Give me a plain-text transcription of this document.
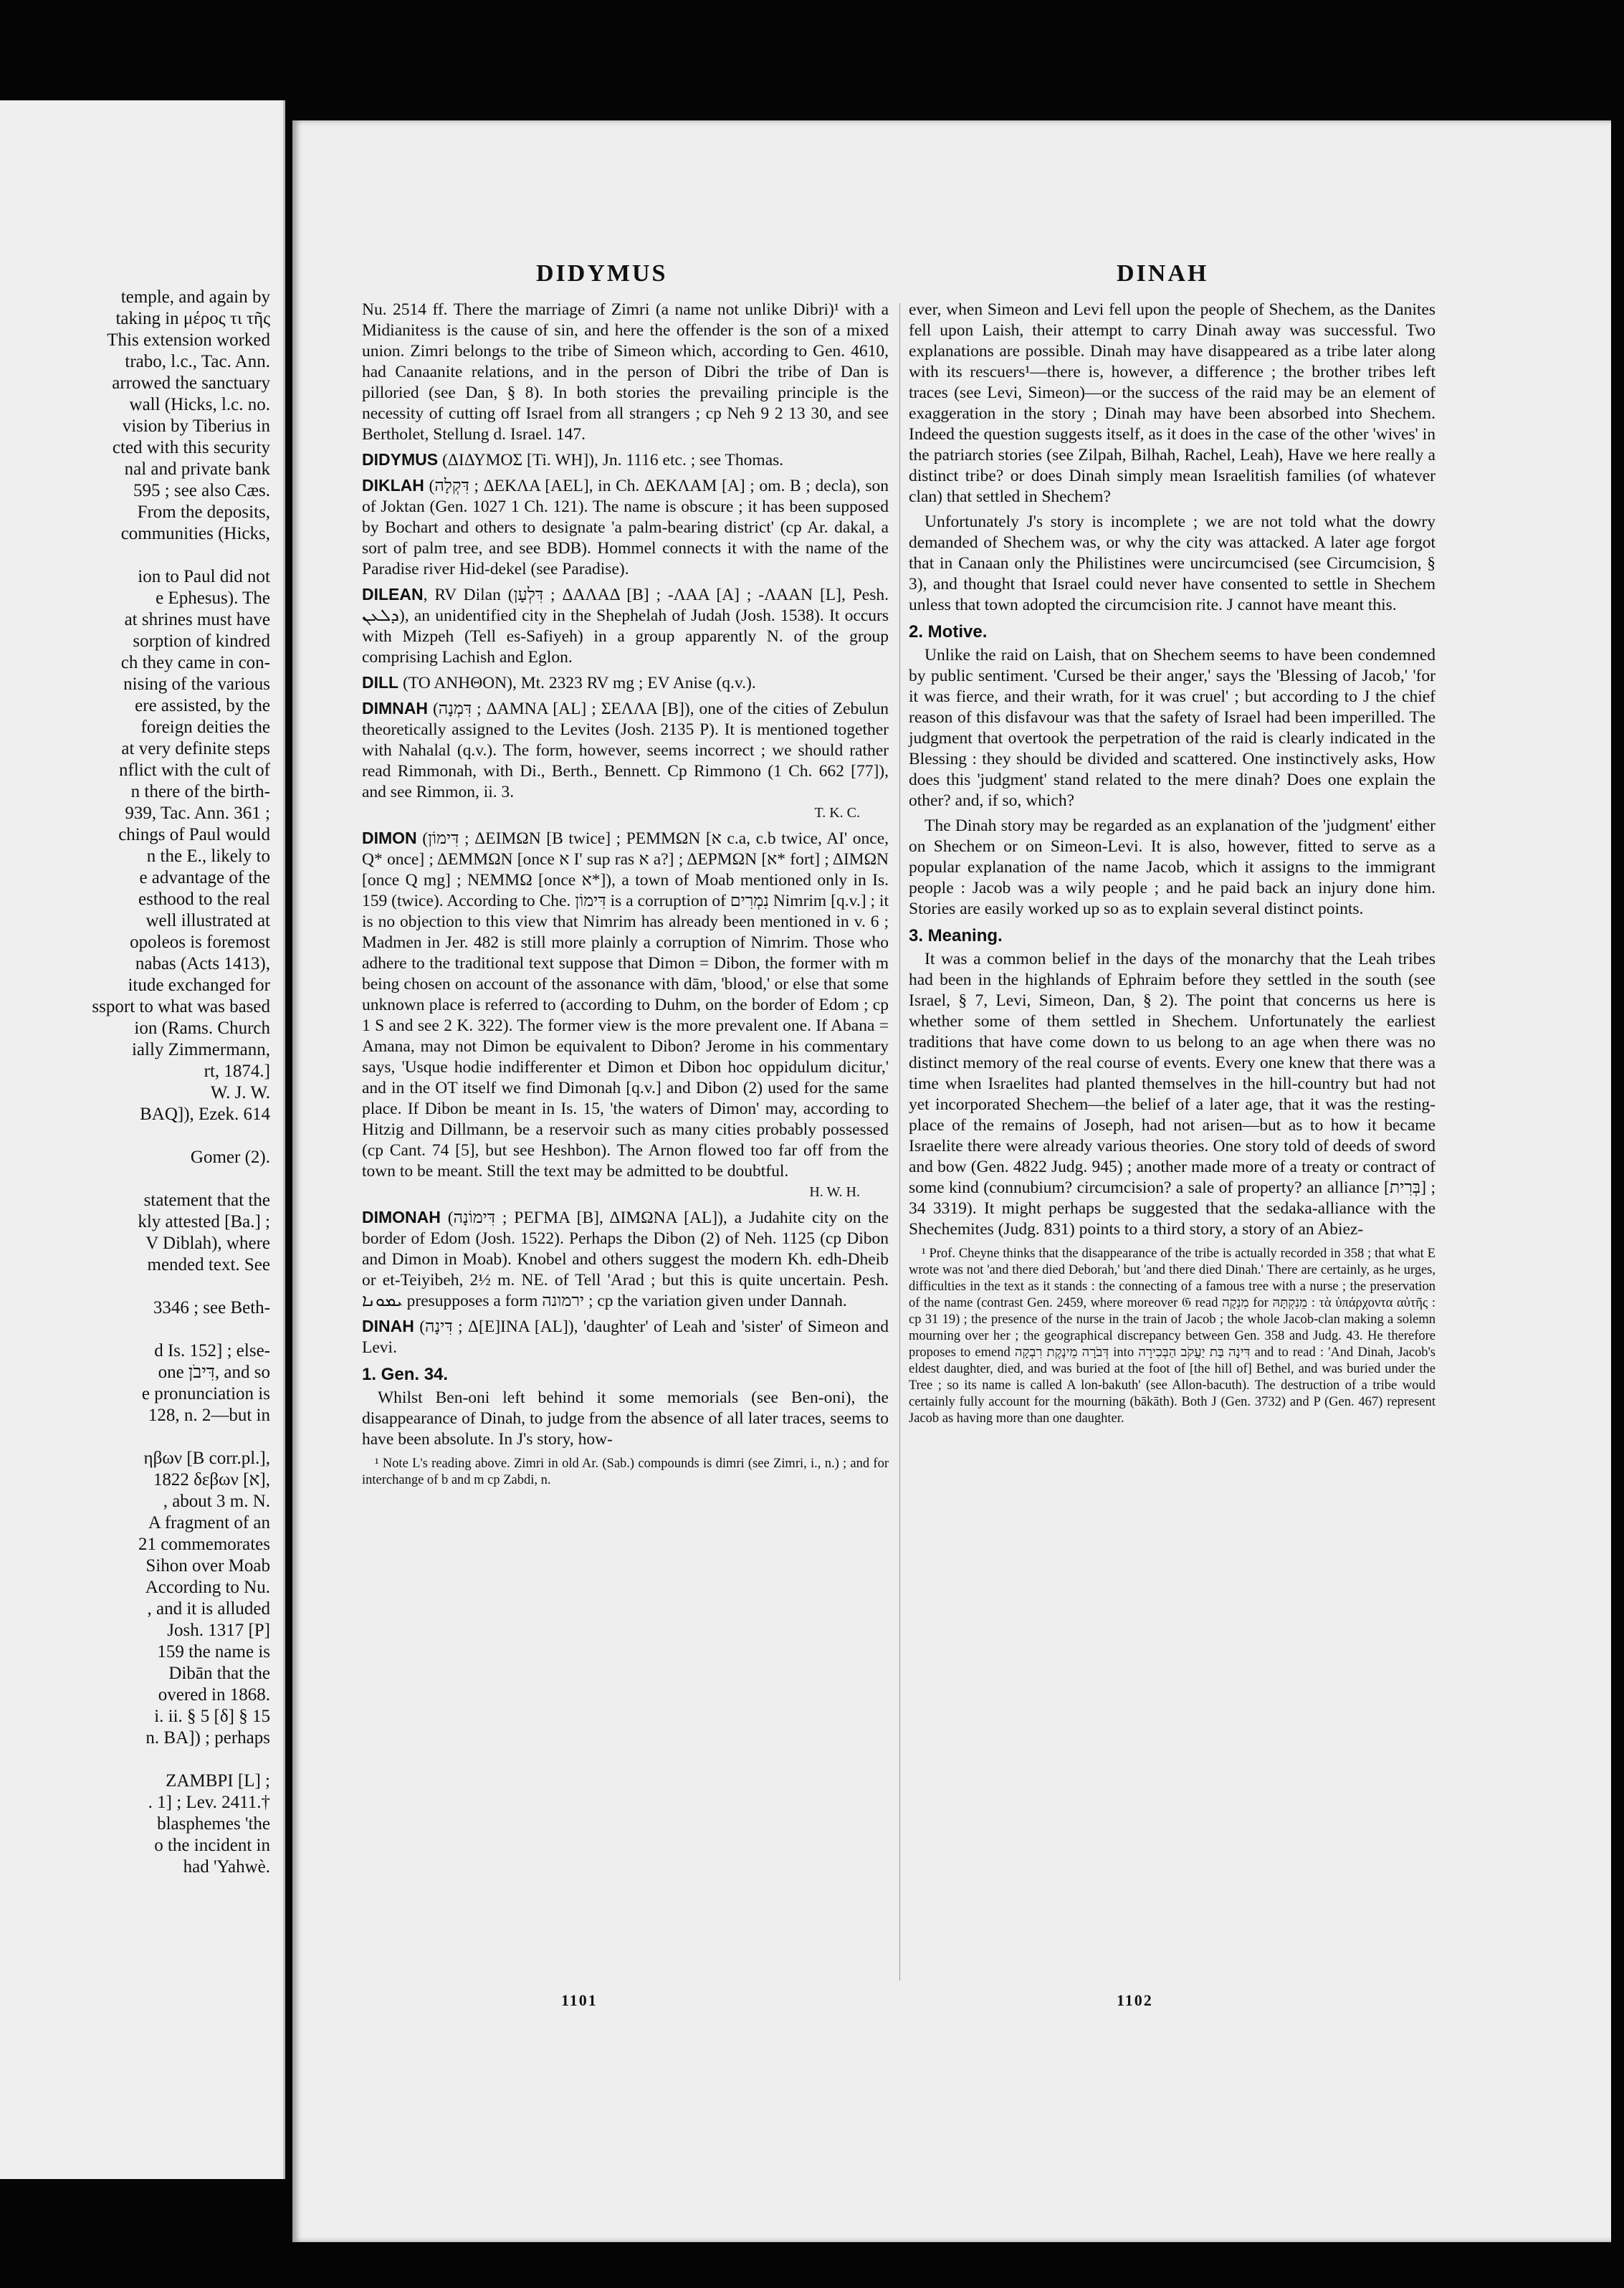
temple, and again by
taking in μέρος τι τῆς
This extension worked
trabo, l.c., Tac. Ann.
arrowed the sanctuary
wall (Hicks, l.c. no.
vision by Tiberius in
cted with this security
nal and private bank
595 ; see also Cæs.
From the deposits,
communities (Hicks,
ion to Paul did not
e Ephesus). The
at shrines must have
sorption of kindred
ch they came in con-
nising of the various
ere assisted, by the
foreign deities the
at very definite steps
nflict with the cult of
n there of the birth-
939, Tac. Ann. 361 ;
chings of Paul would
n the E., likely to
e advantage of the
esthood to the real
well illustrated at
opoleos is foremost
nabas (Acts 1413),
itude exchanged for
ssport to what was based
ion (Rams. Church
ially Zimmermann,
rt, 1874.]
W. J. W.
BAQ]), Ezek. 614
Gomer (2).
statement that the
kly attested [Ba.] ;
V Diblah), where
mended text. See
3346 ; see Beth-
d Is. 152] ; else-
one דִּיבֹן, and so
e pronunciation is
128, n. 2—but in
ηβων [B corr.pl.],
1822 δεβων [א],
, about 3 m. N.
A fragment of an
21 commemorates
Sihon over Moab
According to Nu.
, and it is alluded
Josh. 1317 [P]
159 the name is
Dibān that the
overed in 1868.
i. ii. § 5 [δ] § 15
n. BA]) ; perhaps
ΖΑΜΒΡΙ [L] ;
. 1] ; Lev. 2411.†
blasphemes 'the
o the incident in
had 'Yahwè.
DIDYMUS	DINAH

Nu. 2514 ff. There the marriage of Zimri (a name not unlike Dibri)¹ with a Midianitess is the cause of sin, and here the offender is the son of a mixed union. Zimri belongs to the tribe of Simeon which, according to Gen. 4610, had Canaanite relations, and in the person of Dibri the tribe of Dan is pilloried (see Dan, § 8). In both stories the prevailing principle is the necessity of cutting off Israel from all strangers ; cp Neh 9 2 13 30, and see Bertholet, Stellung d. Israel. 147.

DIDYMUS (ΔΙΔΥΜΟΣ [Ti. WH]), Jn. 1116 etc. ; see Thomas.

DIKLAH (דִּקְלָה ; ΔΕΚΛΑ [AEL], in Ch. ΔΕΚΛΑΜ [A] ; om. B ; decla), son of Joktan (Gen. 1027 1 Ch. 121). The name is obscure ; it has been supposed by Bochart and others to designate 'a palm-bearing district' (cp Ar. dakal, a sort of palm tree, and see BDB). Hommel connects it with the name of the Paradise river Hid-dekel (see Paradise).

DILEAN, RV Dilan (דִּלְעָן ; ΔΑΛΑΔ [B] ; -ΛΑΑ [A] ; -ΛΑΑΝ [L], Pesh. ܕܠܥܢ), an unidentified city in the Shephelah of Judah (Josh. 1538). It occurs with Mizpeh (Tell es-Safiyeh) in a group apparently N. of the group comprising Lachish and Eglon.

DILL (ΤΟ ΑΝΗΘΟΝ), Mt. 2323 RV mg ; EV Anise (q.v.).

DIMNAH (דִּמְנָה ; ΔΑΜΝΑ [AL] ; ΣΕΛΛΑ [B]), one of the cities of Zebulun theoretically assigned to the Levites (Josh. 2135 P). It is mentioned together with Nahalal (q.v.). The form, however, seems incorrect ; we should rather read Rimmonah, with Di., Berth., Bennett. Cp Rimmono (1 Ch. 662 [77]), and see Rimmon, ii. 3.
T. K. C.

DIMON (דִּימוֹן ; ΔΕΙΜΩΝ [B twice] ; ΡΕΜΜΩΝ [א c.a, c.b twice, AI' once, Q* once] ; ΔΕΜΜΩΝ [once א I' sup ras א a?] ; ΔΕΡΜΩΝ [א* fort] ; ΔΙΜΩΝ [once Q mg] ; ΝΕΜΜΩ [once א*]), a town of Moab mentioned only in Is. 159 (twice). According to Che. דִּימוֹן is a corruption of נִמְרִים Nimrim [q.v.] ; it is no objection to this view that Nimrim has already been mentioned in v. 6 ; Madmen in Jer. 482 is still more plainly a corruption of Nimrim. Those who adhere to the traditional text suppose that Dimon = Dibon, the former with m being chosen on account of the assonance with dām, 'blood,' or else that some unknown place is referred to (according to Duhm, on the border of Edom ; cp 1 S and see 2 K. 322). The former view is the more prevalent one. If Abana = Amana, may not Dimon be equivalent to Dibon? Jerome in his commentary says, 'Usque hodie indifferenter et Dimon et Dibon hoc oppidulum dicitur,' and in the OT itself we find Dimonah [q.v.] and Dibon (2) used for the same place. If Dibon be meant in Is. 15, 'the waters of Dimon' may, according to Hitzig and Dillmann, be a reservoir such as many cities probably possessed (cp Cant. 74 [5], but see Heshbon). The Arnon flowed too far off from the town to be meant. Still the text may be admitted to be doubtful.
H. W. H.

DIMONAH (דִּימוֹנָה ; ΡΕΓΜΑ [B], ΔΙΜΩΝΑ [AL]), a Judahite city on the border of Edom (Josh. 1522). Perhaps the Dibon (2) of Neh. 1125 (cp Dibon and Dimon in Moab). Knobel and others suggest the modern Kh. edh-Dheib or et-Teiyibeh, 2½ m. NE. of Tell 'Arad ; but this is quite uncertain. Pesh. ܝܡܘܢܐ presupposes a form ירמונה ; cp the variation given under Dannah.

DINAH (דִּינָה ; Δ[Ε]ΙΝΑ [AL]), 'daughter' of Leah and 'sister' of Simeon and Levi.

1. Gen. 34.

Whilst Ben-oni left behind it some memorials (see Ben-oni), the disappearance of Dinah, to judge from the absence of all later traces, seems to have been absolute. In J's story, how-

¹ Note L's reading above. Zimri in old Ar. (Sab.) compounds is dimri (see Zimri, i., n.) ; and for interchange of b and m cp Zabdi, n.

ever, when Simeon and Levi fell upon the people of Shechem, as the Danites fell upon Laish, their attempt to carry Dinah away was successful. Two explanations are possible. Dinah may have disappeared as a tribe later along with its rescuers¹—there is, however, a difference ; the brother tribes left traces (see Levi, Simeon)—or the success of the raid may be an element of exaggeration in the story ; Dinah may have been absorbed into Shechem. Indeed the question suggests itself, as it does in the case of the other 'wives' in the patriarch stories (see Zilpah, Bilhah, Rachel, Leah), Have we here really a distinct tribe? or does Dinah simply mean Israelitish families (of whatever clan) that settled in Shechem?

Unfortunately J's story is incomplete ; we are not told what the dowry demanded of Shechem was, or why the city was attacked. A later age forgot that in Canaan only the Philistines were uncircumcised (see Circumcision, § 3), and thought that Israel could never have consented to settle in Shechem unless that town adopted the circumcision rite. J cannot have meant this.

2. Motive.

Unlike the raid on Laish, that on Shechem seems to have been condemned by public sentiment. 'Cursed be their anger,' says the 'Blessing of Jacob,' 'for it was fierce, and their wrath, for it was cruel' ; but according to J the chief reason of this disfavour was that the safety of Israel had been imperilled. The judgment that overtook the perpetration of the raid is clearly indicated in the Blessing : they should be divided and scattered. One instinctively asks, How does this 'judgment' stand related to the mere dinah? Does one explain the other? and, if so, which?

The Dinah story may be regarded as an explanation of the 'judgment' either on Shechem or on Simeon-Levi. It is also, however, fitted to serve as a popular explanation of the name Jacob, which it assigns to the immigrant people : Jacob was a wily people ; and he paid back an injury done him. Stories are easily worked up so as to explain several distinct points.

3. Meaning.

It was a common belief in the days of the monarchy that the Leah tribes had been in the highlands of Ephraim before they settled in the south (see Israel, § 7, Levi, Simeon, Dan, § 2). The point that concerns us here is whether some of them settled in Shechem. Unfortunately the earliest traditions that have come down to us belong to an age when there was no distinct memory of the real course of events. Every one knew that there was a time when Israelites had planted themselves in the hill-country but had not yet incorporated Shechem—the belief of a later age, that it was the resting-place of the remains of Joseph, had not arisen—but as to how it became Israelite there were already various theories. One story told of deeds of sword and bow (Gen. 4822 Judg. 945) ; another made more of a treaty or contract of some kind (connubium? circumcision? a sale of property? an alliance [בְּרִית] ; 3319 34). It might perhaps be suggested that the sedaka-alliance with the Shechemites (Judg. 831) points to a third story, a story of an Abiez-

¹ Prof. Cheyne thinks that the disappearance of the tribe is actually recorded in 358 ; that what E wrote was not 'and there died Deborah,' but 'and there died Dinah.' There are certainly, as he urges, difficulties in the text as it stands : the connecting of a famous tree with a nurse ; the preservation of the name (contrast Gen. 2459, where moreover 𝔊 read מִנְקָה for מֵנִקְתָּהּ : τὰ ὑπάρχοντα αὐτῆς : cp 31 19) ; the presence of the nurse in the train of Jacob ; the whole Jacob-clan making a solemn mourning over her ; the geographical discrepancy between Gen. 358 and Judg. 43. He therefore proposes to emend דְּבֹרָה מֵינֶקֶת רִבְקָה into דִּינָה בַּת יַעֲקֹב הַבְּכִירָה and to read : 'And Dinah, Jacob's eldest daughter, died, and was buried at the foot of [the hill of] Bethel, and was buried under the Tree ; so its name is called A lon-bakuth' (see Allon-bacuth). The destruction of a tribe would certainly fully account for the mourning (bākāth). Both J (Gen. 3732) and P (Gen. 467) represent Jacob as having more than one daughter.

1101	1102
